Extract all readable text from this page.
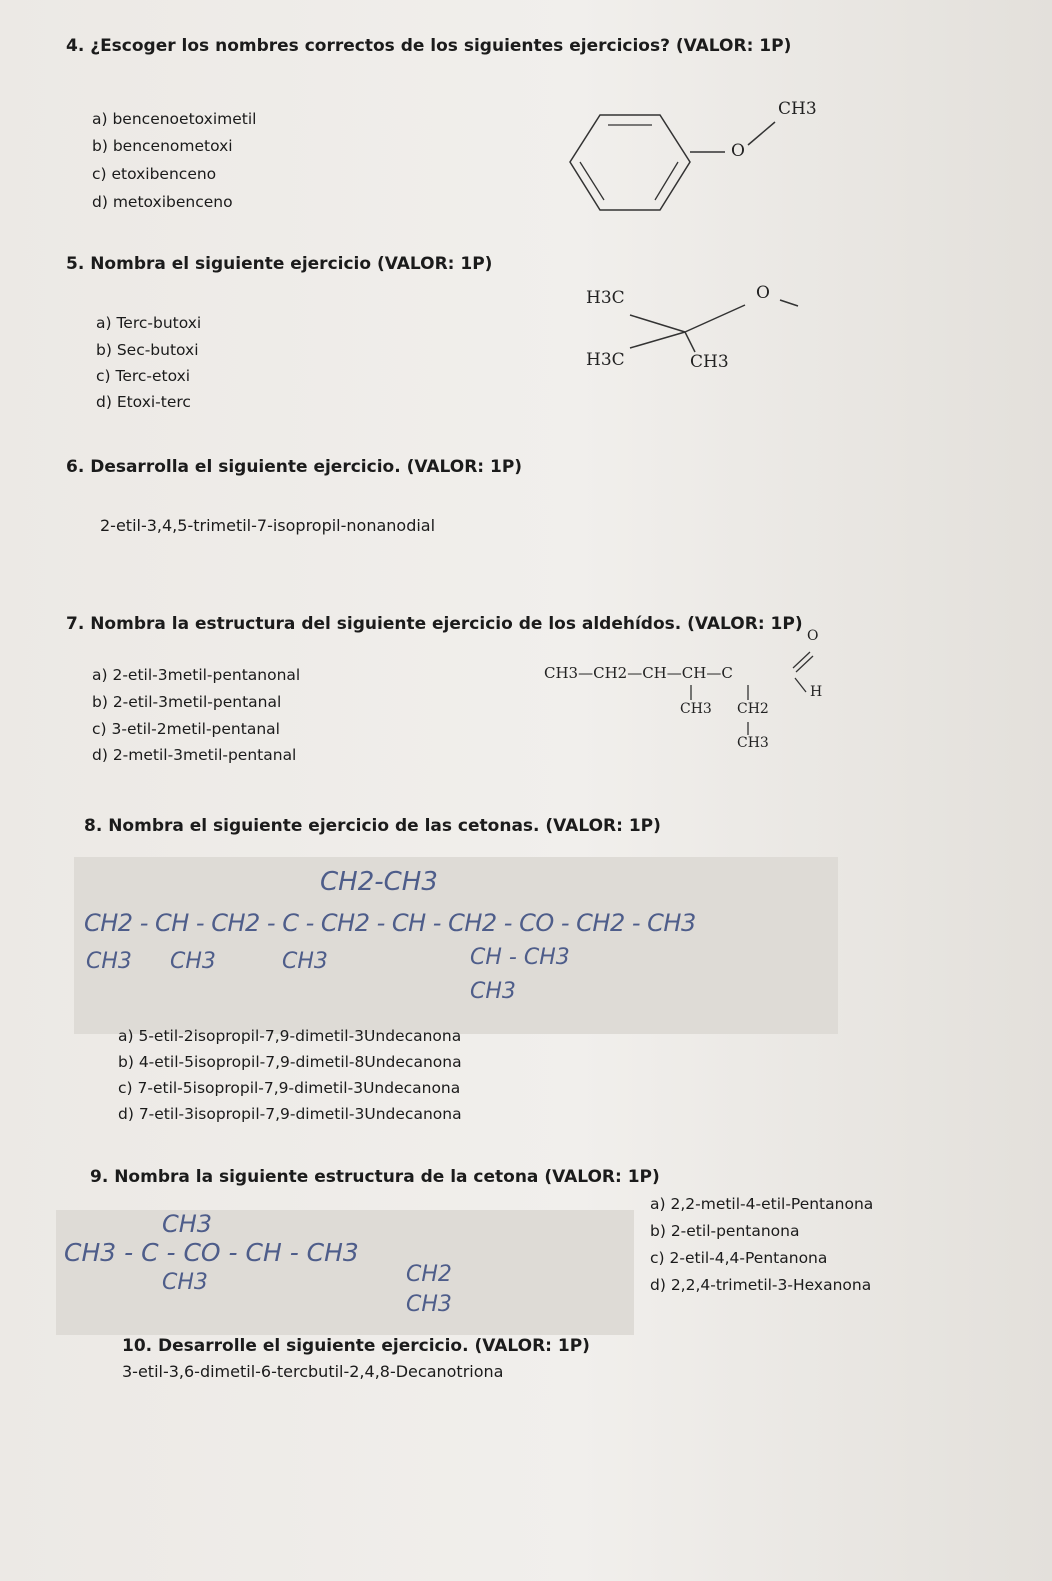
4. ¿Escoger los nombres correctos de los siguientes ejercicios? (VALOR: 1P)
a) bencenoetoximetil
b) bencenometoxi
c) etoxibenceno
d) metoxibenceno
O
CH3
5. Nombra el siguiente ejercicio (VALOR: 1P)
a) Terc-butoxi
b) Sec-butoxi
c) Terc-etoxi
d) Etoxi-terc
H3C
H3C	CH3
O
6. Desarrolla el siguiente ejercicio. (VALOR: 1P)
2-etil-3,4,5-trimetil-7-isopropil-nonanodial
7. Nombra la estructura del siguiente ejercicio de los aldehídos. (VALOR: 1P)
a) 2-etil-3metil-pentanonal
b) 2-etil-3metil-pentanal
c) 3-etil-2metil-pentanal
d) 2-metil-3metil-pentanal
CH3—CH2—CH—CH—C
O
H
CH3 CH2
CH3
8. Nombra el siguiente ejercicio de las cetonas. (VALOR: 1P)
CH2-CH3
CH2 - CH - CH2 - C - CH2 - CH - CH2 - CO - CH2 - CH3
CH3 CH3	CH3	CH - CH3
CH3
a) 5-etil-2isopropil-7,9-dimetil-3Undecanona
b) 4-etil-5isopropil-7,9-dimetil-8Undecanona
c) 7-etil-5isopropil-7,9-dimetil-3Undecanona
d) 7-etil-3isopropil-7,9-dimetil-3Undecanona
9. Nombra la siguiente estructura de la cetona (VALOR: 1P)
CH3
CH3 - C - CO - CH - CH3
CH3	CH2
CH3
a) 2,2-metil-4-etil-Pentanona
b) 2-etil-pentanona
c) 2-etil-4,4-Pentanona
d) 2,2,4-trimetil-3-Hexanona
10. Desarrolle el siguiente ejercicio. (VALOR: 1P)
3-etil-3,6-dimetil-6-tercbutil-2,4,8-Decanotriona
